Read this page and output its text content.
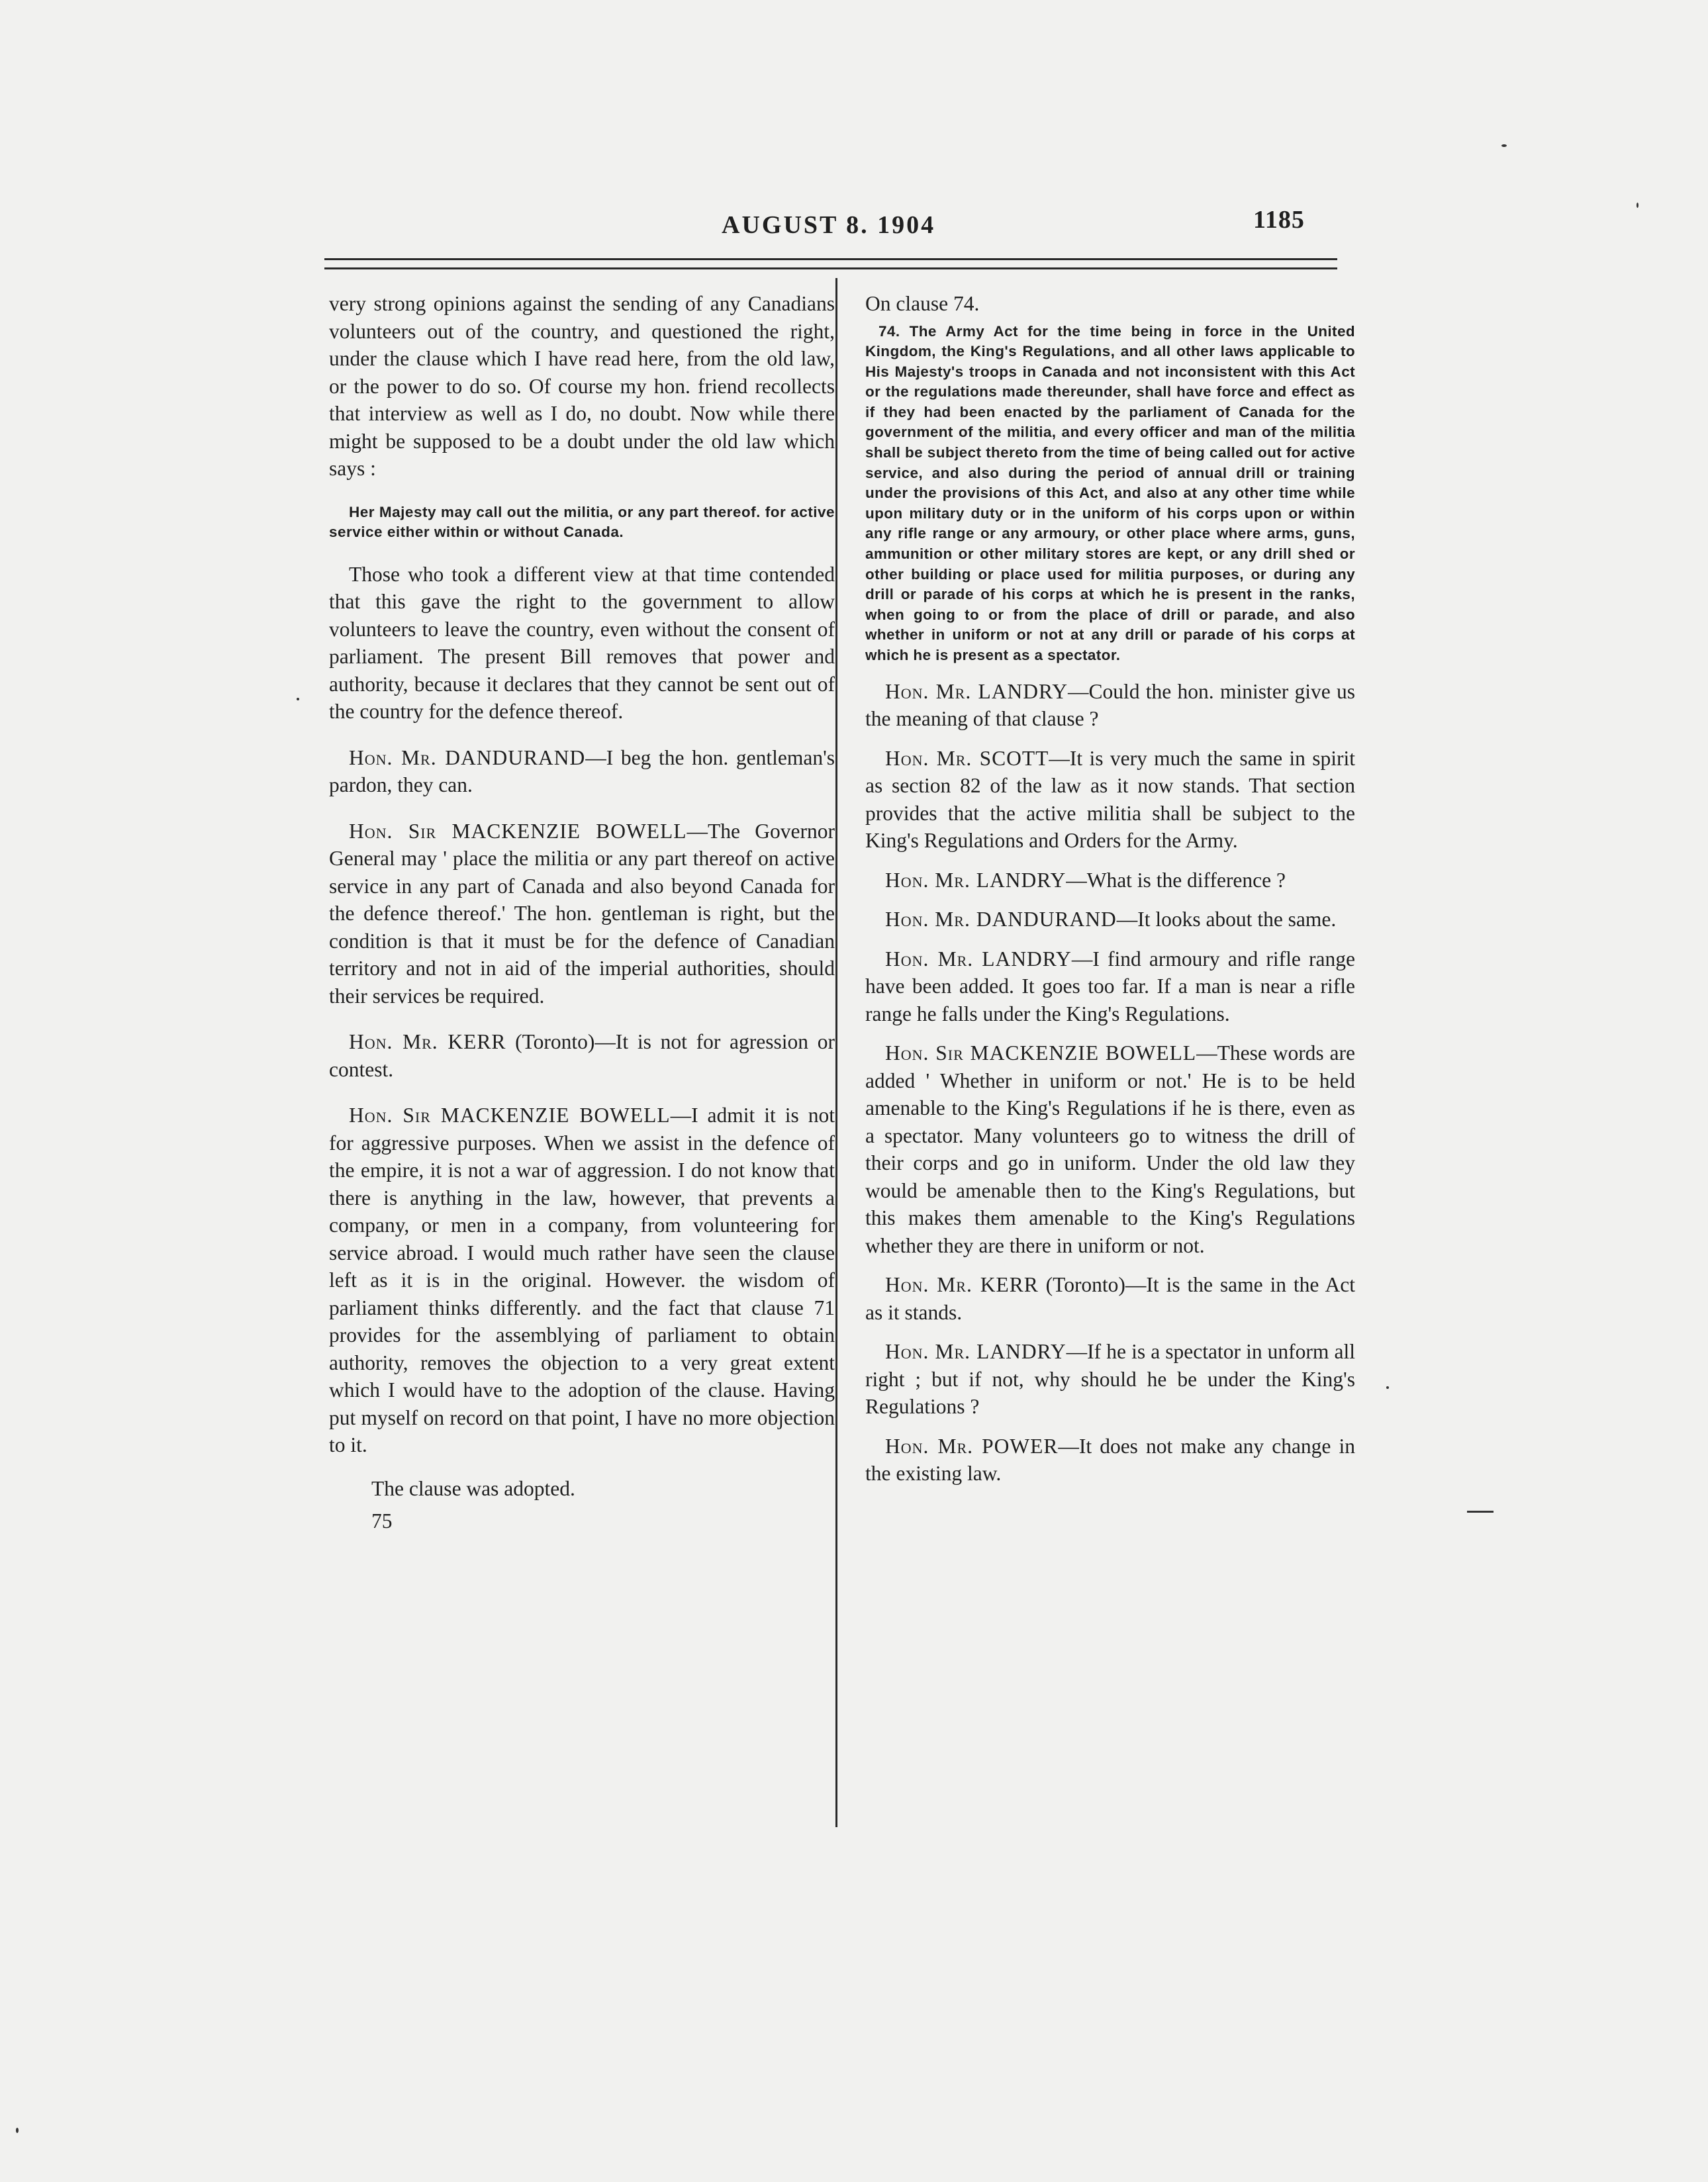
AUGUST 8. 1904	1185

very strong opinions against the sending of any Canadians volunteers out of the country, and questioned the right, under the clause which I have read here, from the old law, or the power to do so. Of course my hon. friend recollects that interview as well as I do, no doubt. Now while there might be supposed to be a doubt under the old law which says :

Her Majesty may call out the militia, or any part thereof. for active service either within or without Canada.

Those who took a different view at that time contended that this gave the right to the government to allow volunteers to leave the country, even without the consent of parliament. The present Bill removes that power and authority, because it declares that they cannot be sent out of the country for the defence thereof.

Hon. Mr. DANDURAND—I beg the hon. gentleman's pardon, they can.

Hon. Sir MACKENZIE BOWELL—The Governor General may ' place the militia or any part thereof on active service in any part of Canada and also beyond Canada for the defence thereof.' The hon. gentleman is right, but the condition is that it must be for the defence of Canadian territory and not in aid of the imperial authorities, should their services be required.

Hon. Mr. KERR (Toronto)—It is not for agression or contest.

Hon. Sir MACKENZIE BOWELL—I admit it is not for aggressive purposes. When we assist in the defence of the empire, it is not a war of aggression. I do not know that there is anything in the law, however, that prevents a company, or men in a company, from volunteering for service abroad. I would much rather have seen the clause left as it is in the original. However. the wisdom of parliament thinks differently. and the fact that clause 71 provides for the assemblying of parliament to obtain authority, removes the objection to a very great extent which I would have to the adoption of the clause. Having put myself on record on that point, I have no more objection to it.

The clause was adopted.

75

On clause 74.

74. The Army Act for the time being in force in the United Kingdom, the King's Regulations, and all other laws applicable to His Majesty's troops in Canada and not inconsistent with this Act or the regulations made thereunder, shall have force and effect as if they had been enacted by the parliament of Canada for the government of the militia, and every officer and man of the militia shall be subject thereto from the time of being called out for active service, and also during the period of annual drill or training under the provisions of this Act, and also at any other time while upon military duty or in the uniform of his corps upon or within any rifle range or any armoury, or other place where arms, guns, ammunition or other military stores are kept, or any drill shed or other building or place used for militia purposes, or during any drill or parade of his corps at which he is present in the ranks, when going to or from the place of drill or parade, and also whether in uniform or not at any drill or parade of his corps at which he is present as a spectator.

Hon. Mr. LANDRY—Could the hon. minister give us the meaning of that clause ?

Hon. Mr. SCOTT—It is very much the same in spirit as section 82 of the law as it now stands. That section provides that the active militia shall be subject to the King's Regulations and Orders for the Army.

Hon. Mr. LANDRY—What is the difference ?

Hon. Mr. DANDURAND—It looks about the same.

Hon. Mr. LANDRY—I find armoury and rifle range have been added. It goes too far. If a man is near a rifle range he falls under the King's Regulations.

Hon. Sir MACKENZIE BOWELL—These words are added ' Whether in uniform or not.' He is to be held amenable to the King's Regulations if he is there, even as a spectator. Many volunteers go to witness the drill of their corps and go in uniform. Under the old law they would be amenable then to the King's Regulations, but this makes them amenable to the King's Regulations whether they are there in uniform or not.

Hon. Mr. KERR (Toronto)—It is the same in the Act as it stands.

Hon. Mr. LANDRY—If he is a spectator in unform all right ; but if not, why should he be under the King's Regulations ?

Hon. Mr. POWER—It does not make any change in the existing law.
